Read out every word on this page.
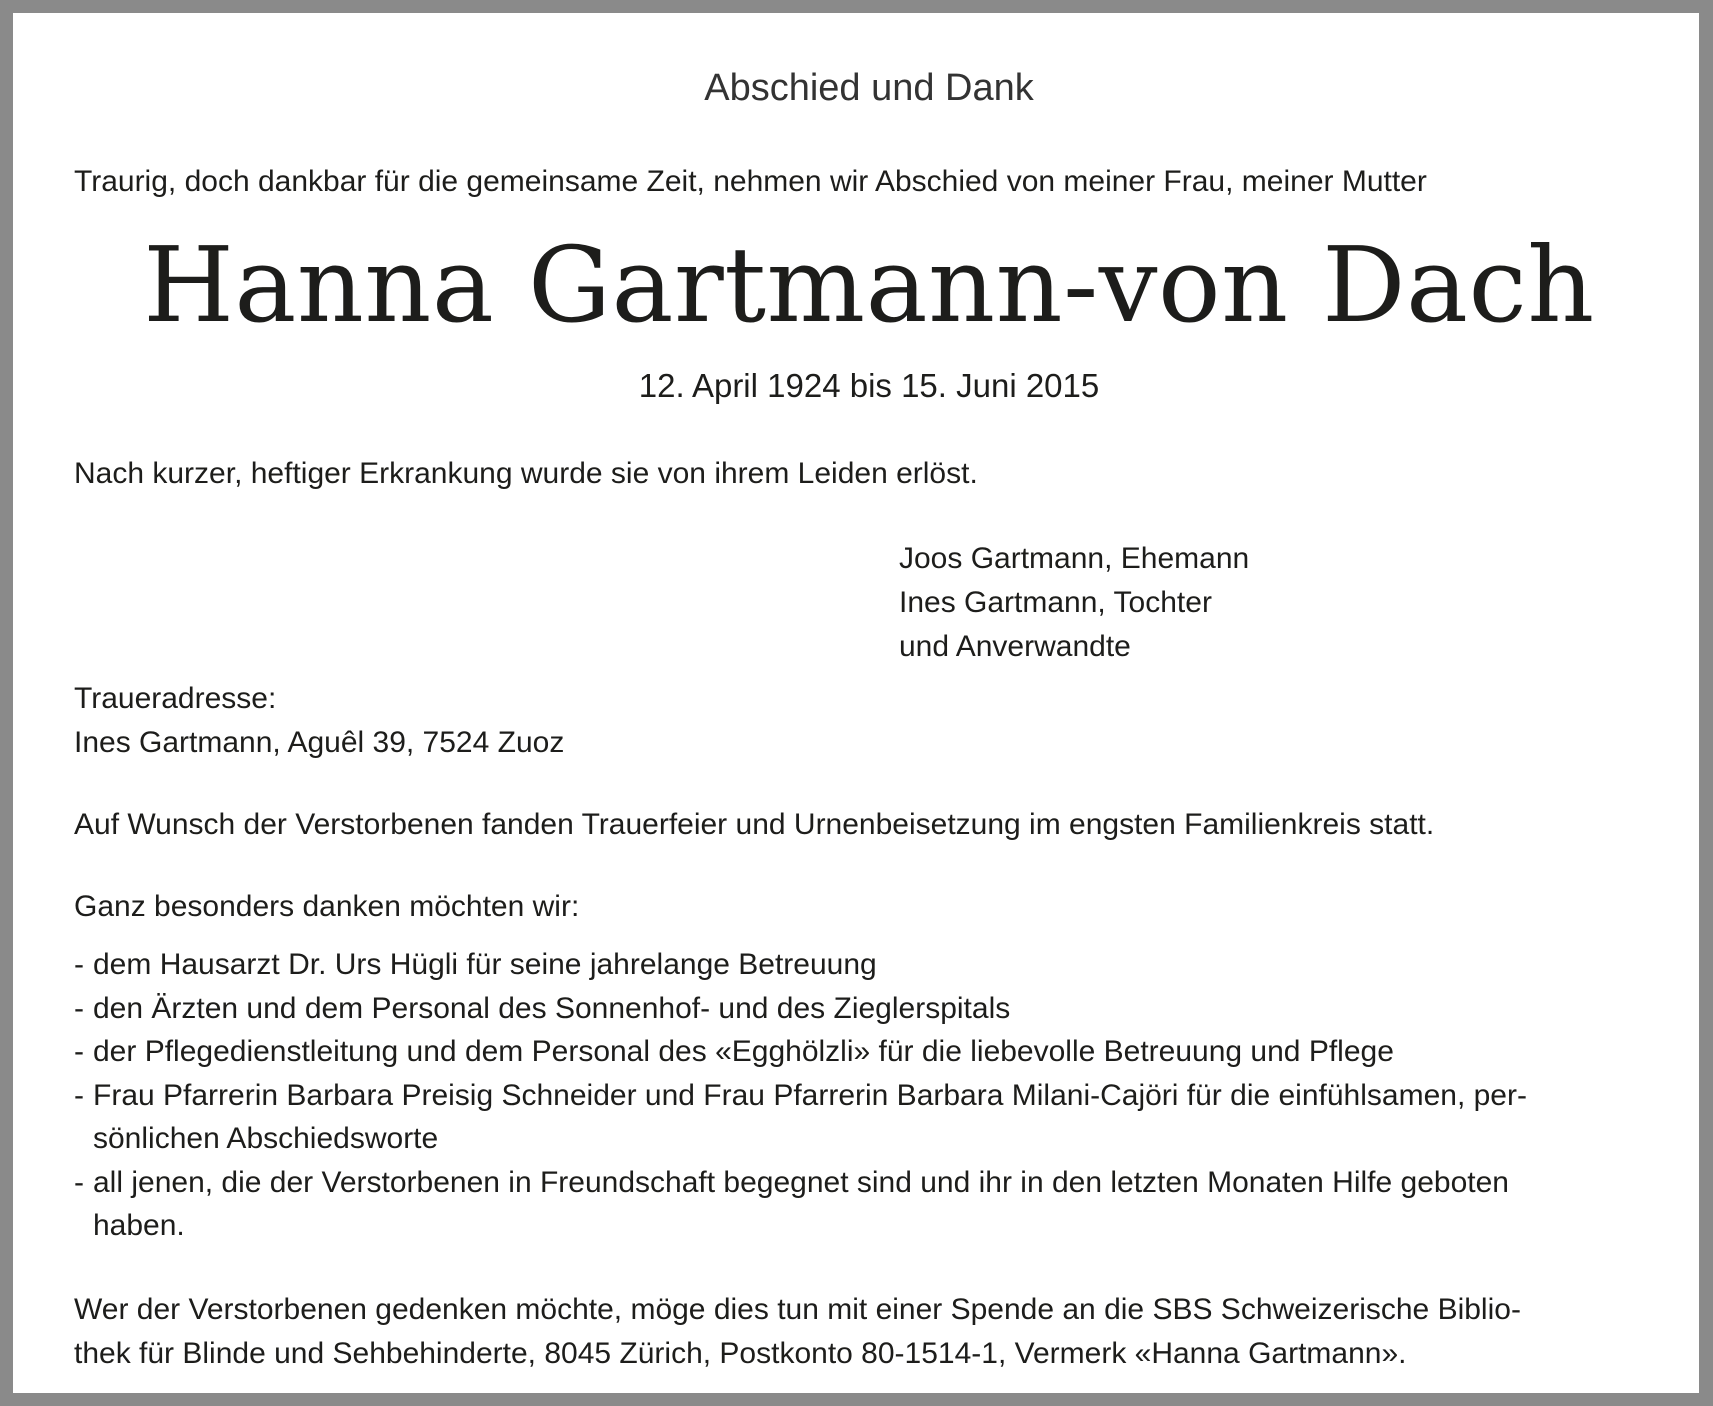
Abschied und Dank
Traurig, doch dankbar für die gemeinsame Zeit, nehmen wir Abschied von meiner Frau, meiner Mutter
Hanna Gartmann-von Dach
12. April 1924 bis 15. Juni 2015
Nach kurzer, heftiger Erkrankung wurde sie von ihrem Leiden erlöst.
Joos Gartmann, Ehemann
Ines Gartmann, Tochter
und Anverwandte
Traueradresse:
Ines Gartmann, Aguêl 39, 7524 Zuoz
Auf Wunsch der Verstorbenen fanden Trauerfeier und Urnenbeisetzung im engsten Familienkreis statt.
Ganz besonders danken möchten wir:
- dem Hausarzt Dr. Urs Hügli für seine jahrelange Betreuung
- den Ärzten und dem Personal des Sonnenhof- und des Zieglerspitals
- der Pflegedienstleitung und dem Personal des «Egghölzli» für die liebevolle Betreuung und Pflege
- Frau Pfarrerin Barbara Preisig Schneider und Frau Pfarrerin Barbara Milani-Cajöri für die einfühlsamen, per-
sönlichen Abschiedsworte
- all jenen, die der Verstorbenen in Freundschaft begegnet sind und ihr in den letzten Monaten Hilfe geboten
haben.
Wer der Verstorbenen gedenken möchte, möge dies tun mit einer Spende an die SBS Schweizerische Biblio-
thek für Blinde und Sehbehinderte, 8045 Zürich, Postkonto 80-1514-1, Vermerk «Hanna Gartmann».
